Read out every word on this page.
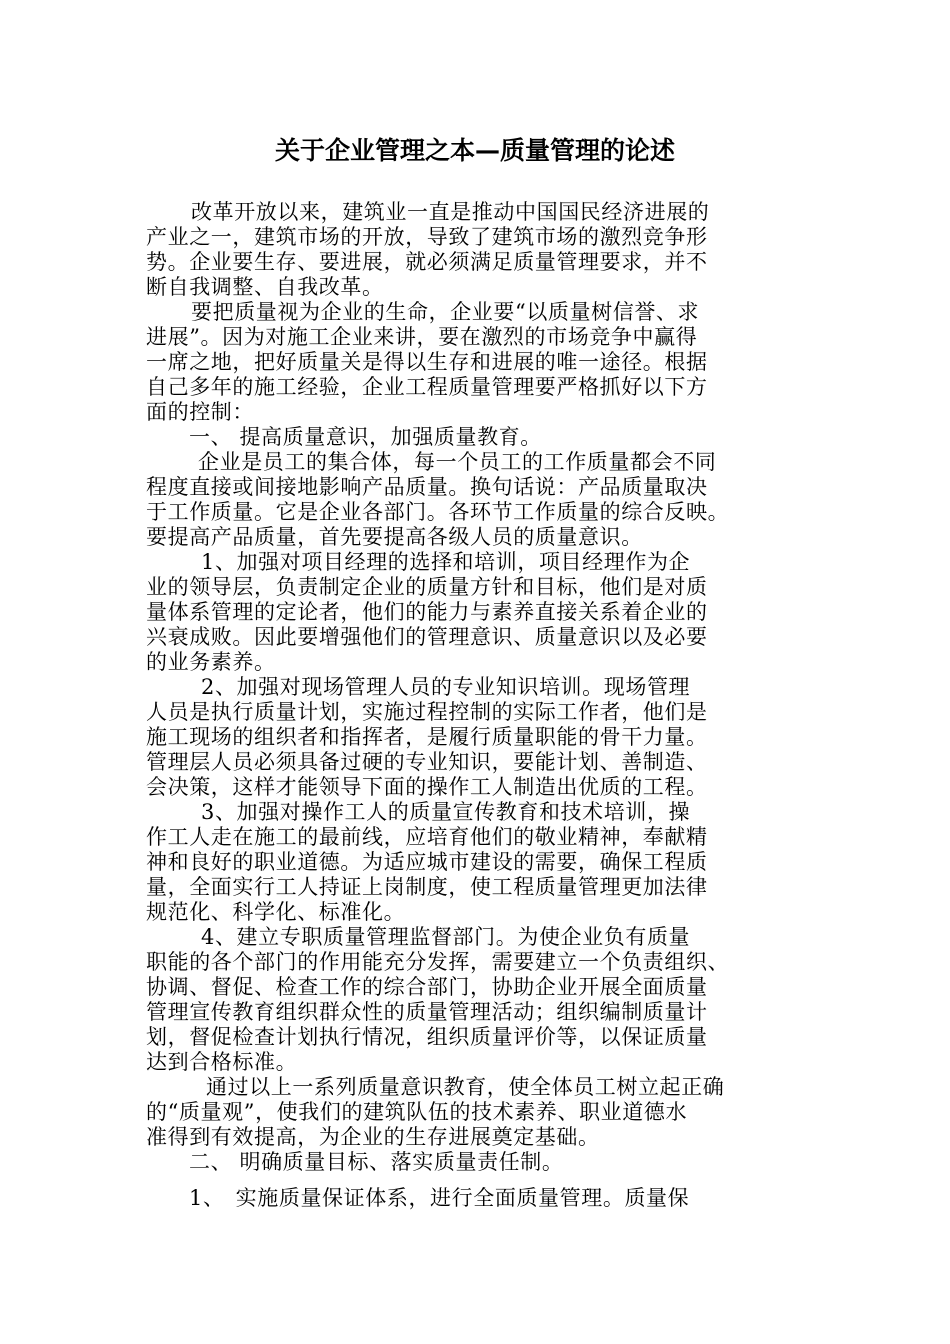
关于企业管理之本—质量管理的论述
改革开放以来，建筑业一直是推动中国国民经济进展的
产业之一，建筑市场的开放，导致了建筑市场的激烈竞争形
势。企业要生存、要进展，就必须满足质量管理要求，并不
断自我调整、自我改革。
要把质量视为企业的生命，企业要“以质量树信誉、求
进展”。因为对施工企业来讲，要在激烈的市场竞争中赢得
一席之地，把好质量关是得以生存和进展的唯一途径。根据
自己多年的施工经验，企业工程质量管理要严格抓好以下方
面的控制：
一、 提高质量意识，加强质量教育。
企业是员工的集合体，每一个员工的工作质量都会不同
程度直接或间接地影响产品质量。换句话说：产品质量取决
于工作质量。它是企业各部门。各环节工作质量的综合反映。
要提高产品质量，首先要提高各级人员的质量意识。
1、加强对项目经理的选择和培训，项目经理作为企
业的领导层，负责制定企业的质量方针和目标，他们是对质
量体系管理的定论者，他们的能力与素养直接关系着企业的
兴衰成败。因此要增强他们的管理意识、质量意识以及必要
的业务素养。
2、加强对现场管理人员的专业知识培训。现场管理
人员是执行质量计划，实施过程控制的实际工作者，他们是
施工现场的组织者和指挥者，是履行质量职能的骨干力量。
管理层人员必须具备过硬的专业知识，要能计划、善制造、
会决策，这样才能领导下面的操作工人制造出优质的工程。
3、加强对操作工人的质量宣传教育和技术培训，操
作工人走在施工的最前线，应培育他们的敬业精神，奉献精
神和良好的职业道德。为适应城市建设的需要，确保工程质
量，全面实行工人持证上岗制度，使工程质量管理更加法律
规范化、科学化、标准化。
4、建立专职质量管理监督部门。为使企业负有质量
职能的各个部门的作用能充分发挥，需要建立一个负责组织、
协调、督促、检查工作的综合部门，协助企业开展全面质量
管理宣传教育组织群众性的质量管理活动；组织编制质量计
划，督促检查计划执行情况，组织质量评价等，以保证质量
达到合格标准。
通过以上一系列质量意识教育，使全体员工树立起正确
的“质量观”，使我们的建筑队伍的技术素养、职业道德水
准得到有效提高，为企业的生存进展奠定基础。
二、 明确质量目标、落实质量责任制。
1、　实施质量保证体系，进行全面质量管理。质量保
